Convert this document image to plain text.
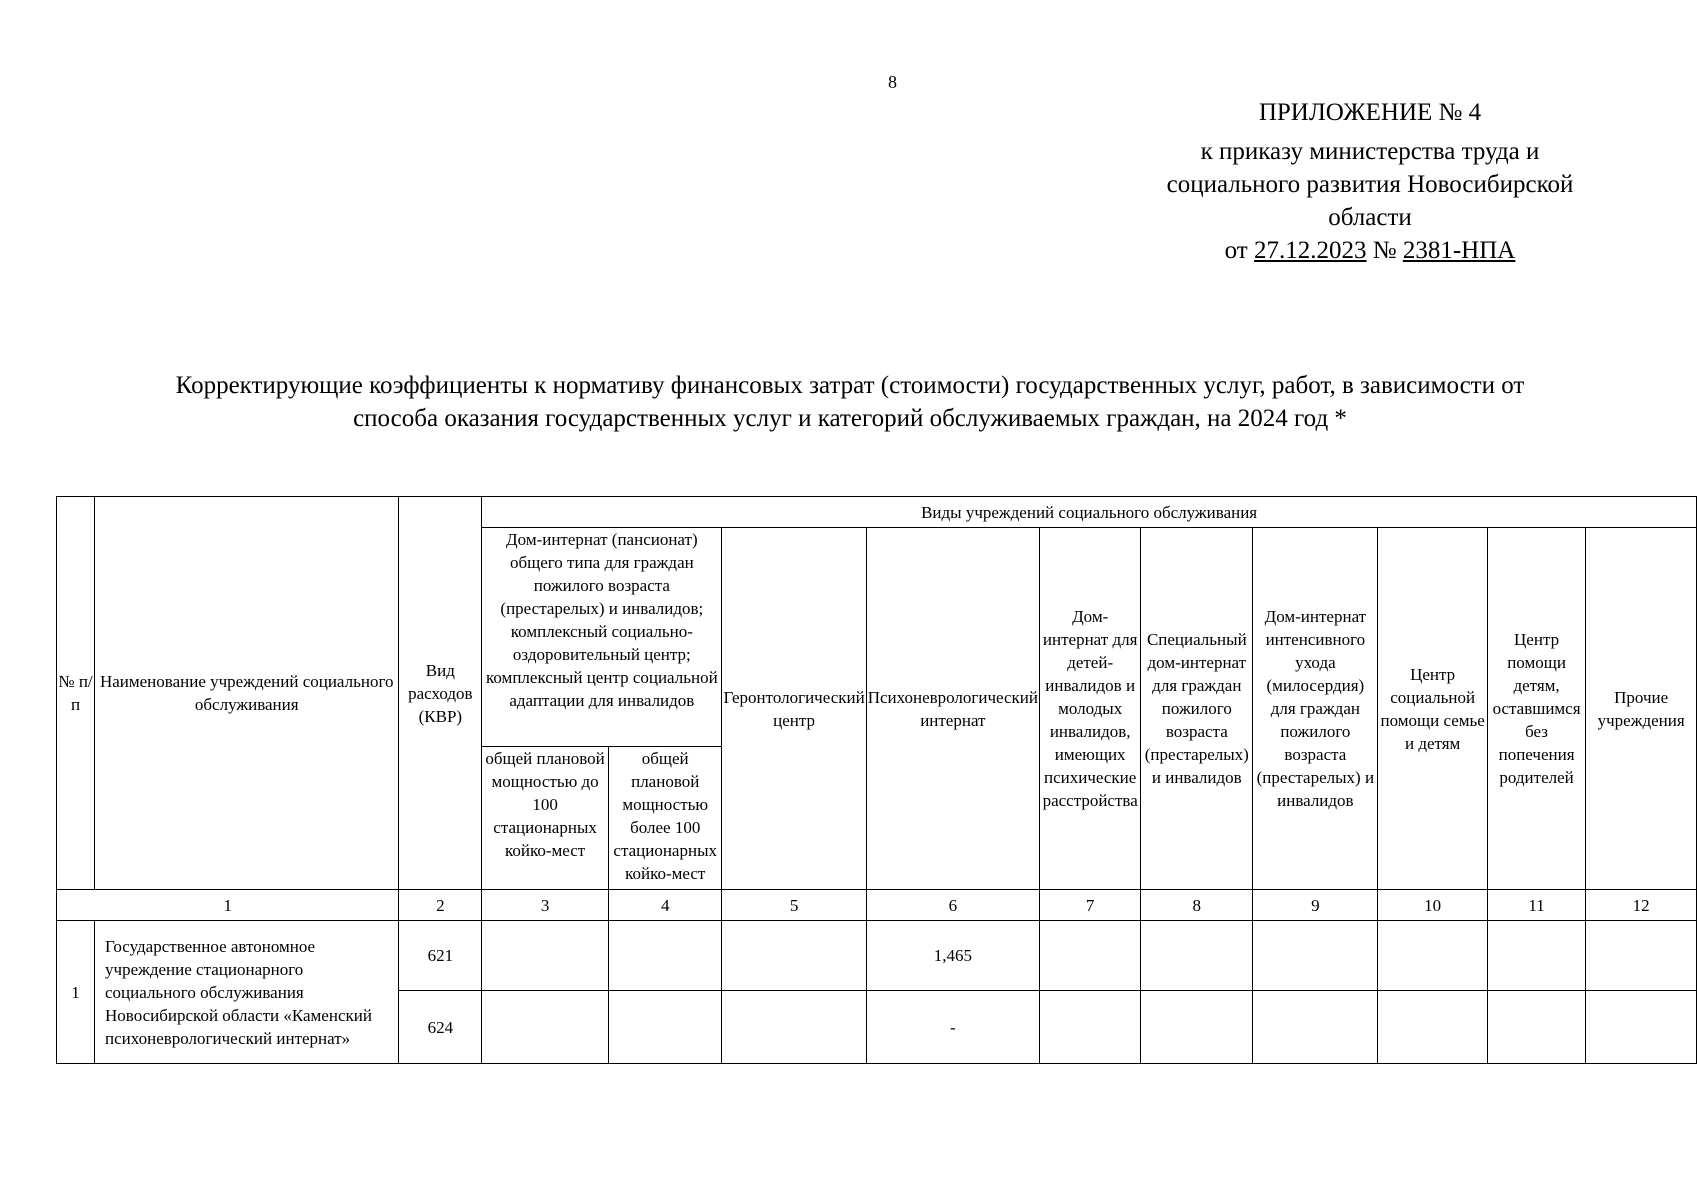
8
ПРИЛОЖЕНИЕ № 4
к приказу министерства труда и
социального развития Новосибирской
области
от 27.12.2023 № 2381-НПА
Корректирующие коэффициенты к нормативу финансовых затрат (стоимости) государственных услуг, работ, в зависимости от
способа оказания государственных услуг и категорий обслуживаемых граждан, на 2024 год *
№ п/п	Наименование учреждений социального обслуживания	Вид расходов (КВР)	Виды учреждений социального обслуживания									
			Дом-интернат (пансионат) общего типа для граждан пожилого возраста (престарелых) и инвалидов; комплексный социально-оздоровительный центр; комплексный центр социальной адаптации для инвалидов		Геронтологический центр	Психоневрологический интернат	Дом-интернат для детей-инвалидов и молодых инвалидов, имеющих психические расстройства	Специальный дом-интернат для граждан пожилого возраста (престарелых) и инвалидов	Дом-интернат интенсивного ухода (милосердия) для граждан пожилого возраста (престарелых) и инвалидов	Центр социальной помощи семье и детям	Центр помощи детям, оставшимся без попечения родителей	Прочие учреждения
			общей плановой мощностью до 100 стационарных койко-мест	общей плановой мощностью более 100 стационарных койко-мест								
1		2	3	4	5	6	7	8	9	10	11	12
1	Государственное автономное учреждение стационарного социального обслуживания Новосибирской области «Каменский психоневрологический интернат»	621				1,465						
		624				-						
